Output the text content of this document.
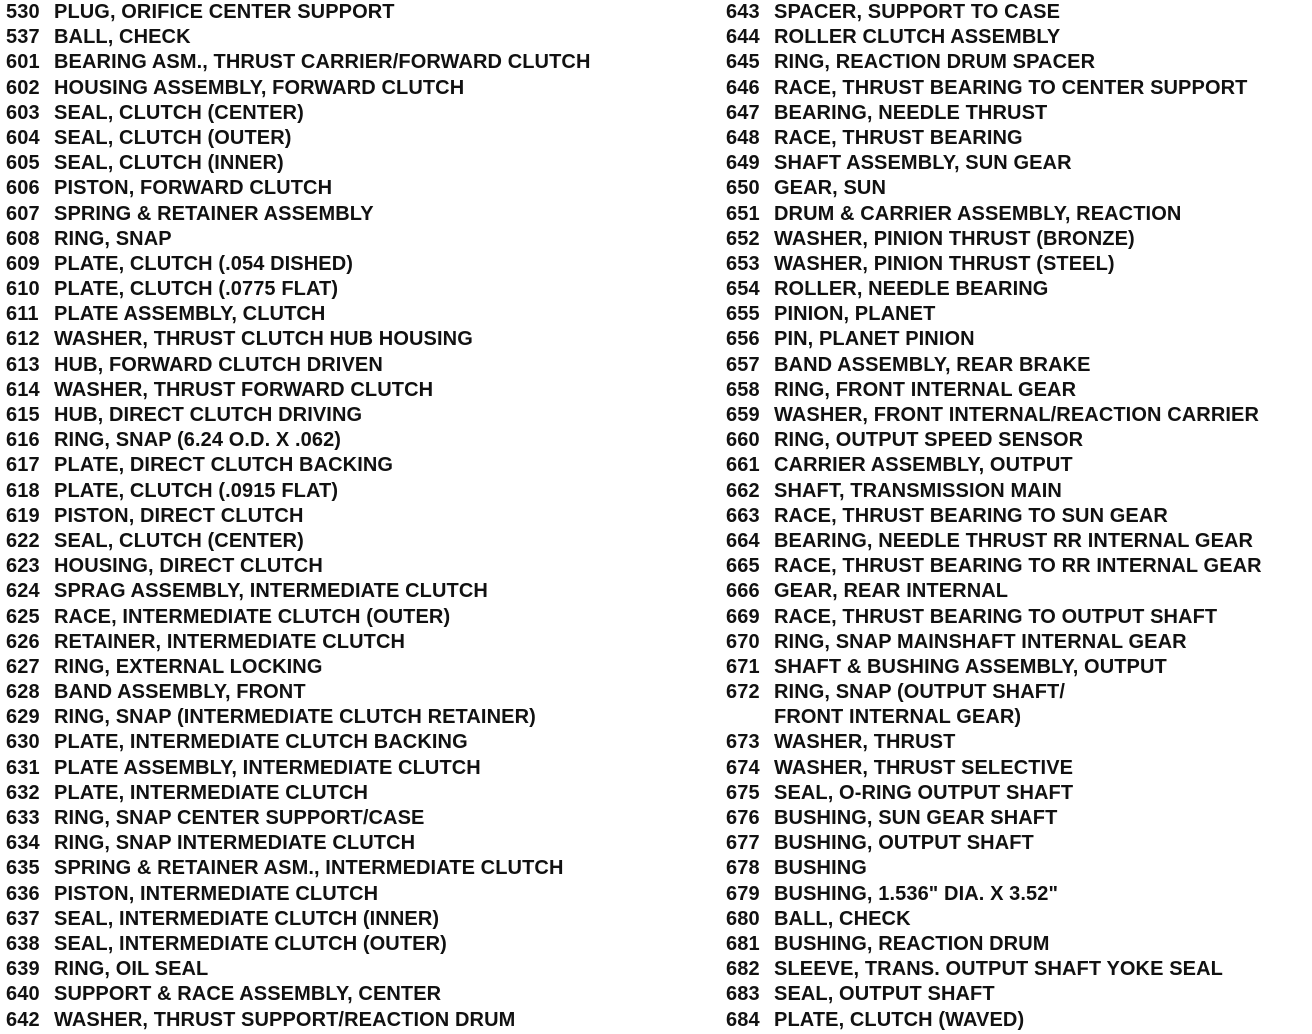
530 PLUG, ORIFICE CENTER SUPPORT
537 BALL, CHECK
601 BEARING ASM., THRUST CARRIER/FORWARD CLUTCH
602 HOUSING ASSEMBLY, FORWARD CLUTCH
603 SEAL, CLUTCH (CENTER)
604 SEAL, CLUTCH (OUTER)
605 SEAL, CLUTCH (INNER)
606 PISTON, FORWARD CLUTCH
607 SPRING & RETAINER ASSEMBLY
608 RING, SNAP
609 PLATE, CLUTCH (.054 DISHED)
610 PLATE, CLUTCH (.0775 FLAT)
611 PLATE ASSEMBLY, CLUTCH
612 WASHER, THRUST CLUTCH HUB HOUSING
613 HUB, FORWARD CLUTCH DRIVEN
614 WASHER, THRUST FORWARD CLUTCH
615 HUB, DIRECT CLUTCH DRIVING
616 RING, SNAP (6.24 O.D. X .062)
617 PLATE, DIRECT CLUTCH BACKING
618 PLATE, CLUTCH (.0915 FLAT)
619 PISTON, DIRECT CLUTCH
622 SEAL, CLUTCH (CENTER)
623 HOUSING, DIRECT CLUTCH
624 SPRAG ASSEMBLY, INTERMEDIATE CLUTCH
625 RACE, INTERMEDIATE CLUTCH (OUTER)
626 RETAINER, INTERMEDIATE CLUTCH
627 RING, EXTERNAL LOCKING
628 BAND ASSEMBLY, FRONT
629 RING, SNAP (INTERMEDIATE CLUTCH RETAINER)
630 PLATE, INTERMEDIATE CLUTCH BACKING
631 PLATE ASSEMBLY, INTERMEDIATE CLUTCH
632 PLATE, INTERMEDIATE CLUTCH
633 RING, SNAP CENTER SUPPORT/CASE
634 RING, SNAP INTERMEDIATE CLUTCH
635 SPRING & RETAINER ASM., INTERMEDIATE CLUTCH
636 PISTON, INTERMEDIATE CLUTCH
637 SEAL, INTERMEDIATE CLUTCH (INNER)
638 SEAL, INTERMEDIATE CLUTCH (OUTER)
639 RING, OIL SEAL
640 SUPPORT & RACE ASSEMBLY, CENTER
642 WASHER, THRUST SUPPORT/REACTION DRUM
643 SPACER, SUPPORT TO CASE
644 ROLLER CLUTCH ASSEMBLY
645 RING, REACTION DRUM SPACER
646 RACE, THRUST BEARING TO CENTER SUPPORT
647 BEARING, NEEDLE THRUST
648 RACE, THRUST BEARING
649 SHAFT ASSEMBLY, SUN GEAR
650 GEAR, SUN
651 DRUM & CARRIER ASSEMBLY, REACTION
652 WASHER, PINION THRUST (BRONZE)
653 WASHER, PINION THRUST (STEEL)
654 ROLLER, NEEDLE BEARING
655 PINION, PLANET
656 PIN, PLANET PINION
657 BAND ASSEMBLY, REAR BRAKE
658 RING, FRONT INTERNAL GEAR
659 WASHER, FRONT INTERNAL/REACTION CARRIER
660 RING, OUTPUT SPEED SENSOR
661 CARRIER ASSEMBLY, OUTPUT
662 SHAFT, TRANSMISSION MAIN
663 RACE, THRUST BEARING TO SUN GEAR
664 BEARING, NEEDLE THRUST RR INTERNAL GEAR
665 RACE, THRUST BEARING TO RR INTERNAL GEAR
666 GEAR, REAR INTERNAL
669 RACE, THRUST BEARING TO OUTPUT SHAFT
670 RING, SNAP MAINSHAFT INTERNAL GEAR
671 SHAFT & BUSHING ASSEMBLY, OUTPUT
672 RING, SNAP (OUTPUT SHAFT/
FRONT INTERNAL GEAR)
673 WASHER, THRUST
674 WASHER, THRUST SELECTIVE
675 SEAL, O-RING OUTPUT SHAFT
676 BUSHING, SUN GEAR SHAFT
677 BUSHING, OUTPUT SHAFT
678 BUSHING
679 BUSHING, 1.536" DIA. X 3.52"
680 BALL, CHECK
681 BUSHING, REACTION DRUM
682 SLEEVE, TRANS. OUTPUT SHAFT YOKE SEAL
683 SEAL, OUTPUT SHAFT
684 PLATE, CLUTCH (WAVED)
